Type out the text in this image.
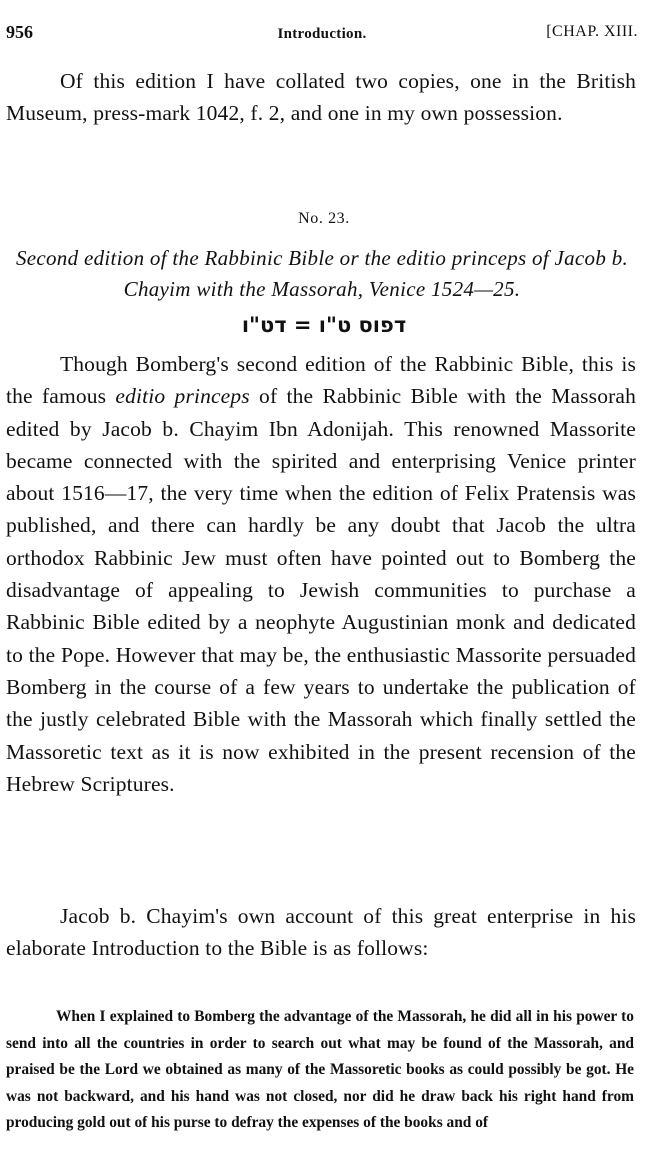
956	Introduction.	[CHAP. XIII.

Of this edition I have collated two copies, one in the British Museum, press-mark 1042, f. 2, and one in my own possession.

No. 23.
Second edition of the Rabbinic Bible or the editio princeps of Jacob b. Chayim with the Massorah, Venice 1524—25.
דפוס ט"ו = דט"ו

Though Bomberg's second edition of the Rabbinic Bible, this is the famous editio princeps of the Rabbinic Bible with the Massorah edited by Jacob b. Chayim Ibn Adonijah. This renowned Massorite became connected with the spirited and enterprising Venice printer about 1516—17, the very time when the edition of Felix Pratensis was published, and there can hardly be any doubt that Jacob the ultra orthodox Rabbinic Jew must often have pointed out to Bomberg the disadvantage of appealing to Jewish communities to purchase a Rabbinic Bible edited by a neophyte Augustinian monk and dedicated to the Pope. However that may be, the enthusiastic Massorite persuaded Bomberg in the course of a few years to undertake the publication of the justly celebrated Bible with the Massorah which finally settled the Massoretic text as it is now exhibited in the present recension of the Hebrew Scriptures.

Jacob b. Chayim's own account of this great enterprise in his elaborate Introduction to the Bible is as follows:

When I explained to Bomberg the advantage of the Massorah, he did all in his power to send into all the countries in order to search out what may be found of the Massorah, and praised be the Lord we obtained as many of the Massoretic books as could possibly be got. He was not backward, and his hand was not closed, nor did he draw back his right hand from producing gold out of his purse to defray the expenses of the books and of
